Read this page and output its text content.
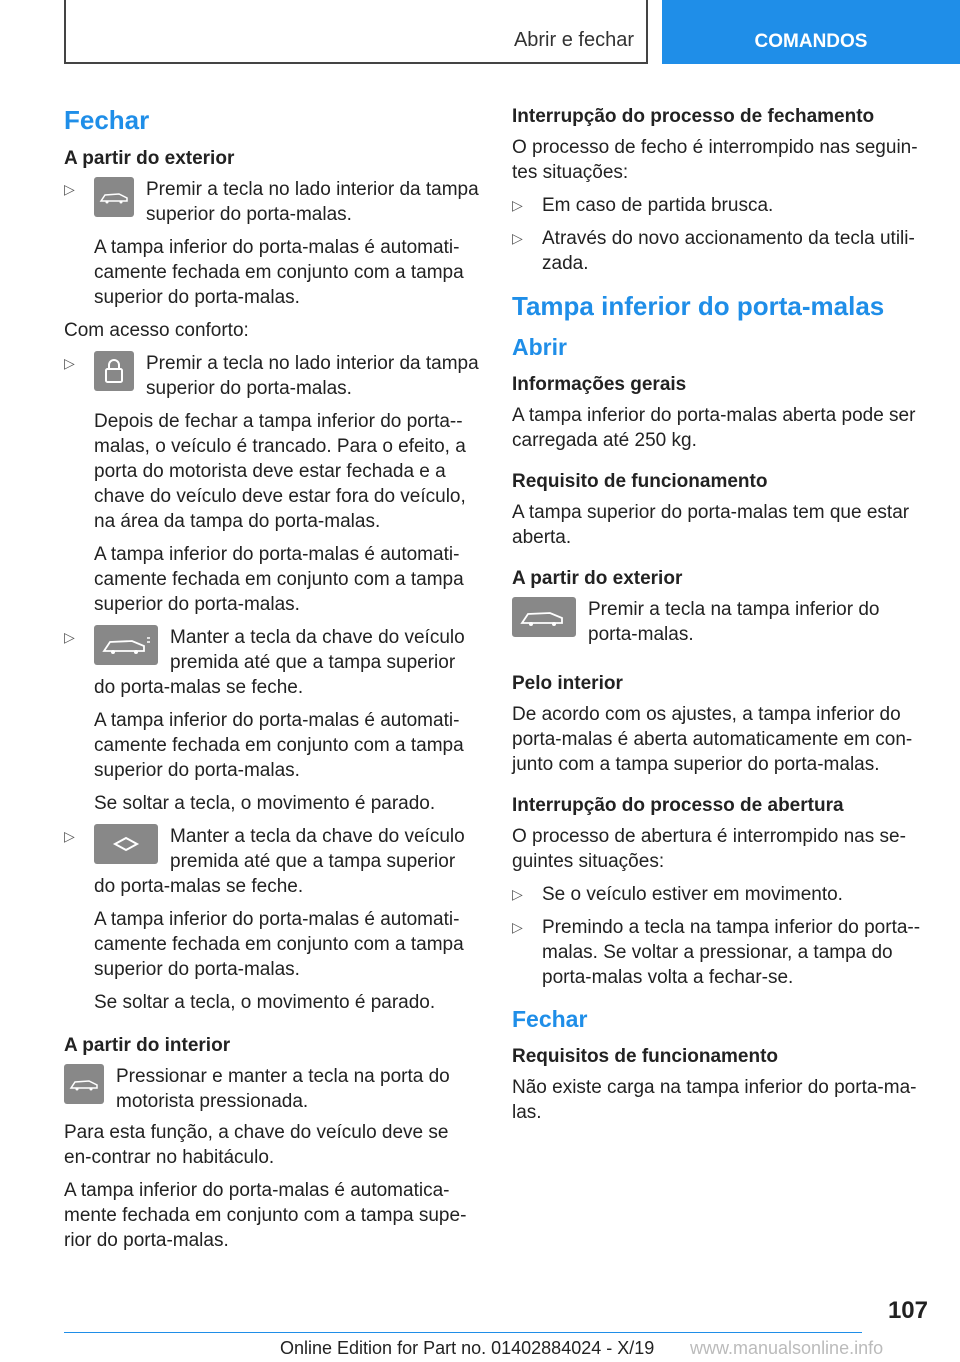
Abrir e fechar	COMANDOS
Fechar
A partir do exterior
▷	Premir a tecla no lado interior da tampa superior do porta-malas.

A tampa inferior do porta-malas é automati-camente fechada em conjunto com a tampa superior do porta-malas.

Com acesso conforto:

▷	Premir a tecla no lado interior da tampa superior do porta-malas.

Depois de fechar a tampa inferior do porta--malas, o veículo é trancado. Para o efeito, a porta do motorista deve estar fechada e a chave do veículo deve estar fora do veículo, na área da tampa do porta-malas.

A tampa inferior do porta-malas é automati-camente fechada em conjunto com a tampa superior do porta-malas.

▷	Manter a tecla da chave do veículo premida até que a tampa superior do porta-malas se feche.

A tampa inferior do porta-malas é automati-camente fechada em conjunto com a tampa superior do porta-malas.

Se soltar a tecla, o movimento é parado.

▷	Manter a tecla da chave do veículo premida até que a tampa superior do porta-malas se feche.

A tampa inferior do porta-malas é automati-camente fechada em conjunto com a tampa superior do porta-malas.

Se soltar a tecla, o movimento é parado.

A partir do interior
Pressionar e manter a tecla na porta do motorista pressionada.

Para esta função, a chave do veículo deve se en-contrar no habitáculo.

A tampa inferior do porta-malas é automatica-mente fechada em conjunto com a tampa supe-rior do porta-malas.

Interrupção do processo de fechamento

O processo de fecho é interrompido nas seguin-tes situações:

▷ Em caso de partida brusca.
▷ Através do novo accionamento da tecla utili-zada.
Tampa inferior do porta-malas
Abrir
Informações gerais

A tampa inferior do porta-malas aberta pode ser carregada até 250 kg.

Requisito de funcionamento

A tampa superior do porta-malas tem que estar aberta.

A partir do exterior
Premir a tecla na tampa inferior do porta-malas.
Pelo interior

De acordo com os ajustes, a tampa inferior do porta-malas é aberta automaticamente em con-junto com a tampa superior do porta-malas.

Interrupção do processo de abertura

O processo de abertura é interrompido nas se-guintes situações:

▷ Se o veículo estiver em movimento.
▷ Premindo a tecla na tampa inferior do porta--malas. Se voltar a pressionar, a tampa do porta-malas volta a fechar-se.
Fechar
Requisitos de funcionamento

Não existe carga na tampa inferior do porta-ma-las.

107
Online Edition for Part no. 01402884024 - X/19 www.manualsonline.info
